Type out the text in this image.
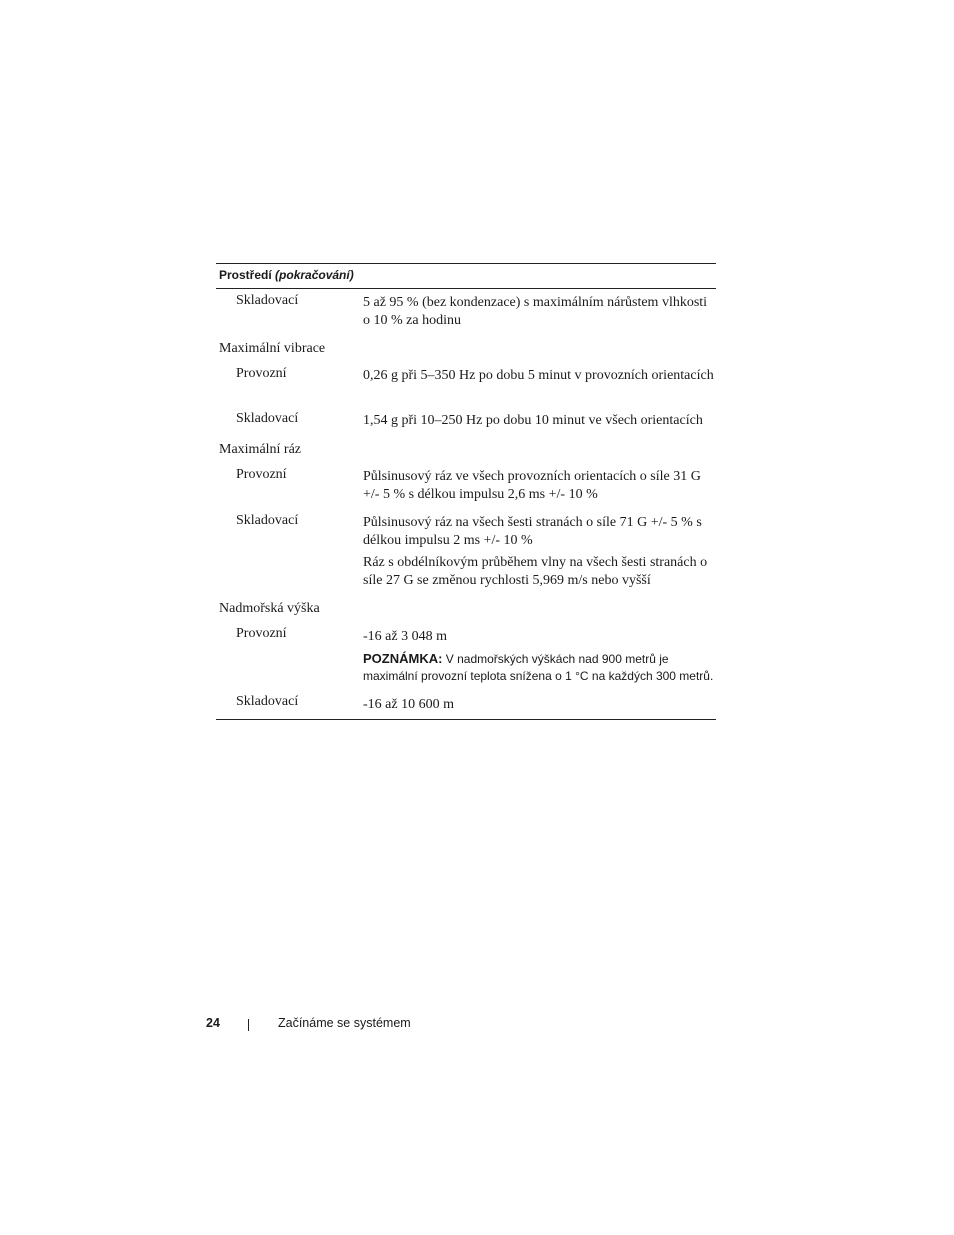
Prostředí (pokračování)
Skladovací	5 až 95 % (bez kondenzace) s maximálním nárůstem vlhkosti o 10 % za hodinu
Maximální vibrace
Provozní	0,26 g při 5–350 Hz po dobu 5 minut v provozních orientacích
Skladovací	1,54 g při 10–250 Hz po dobu 10 minut ve všech orientacích
Maximální ráz
Provozní	Půlsinusový ráz ve všech provozních orientacích o síle 31 G +/- 5 % s délkou impulsu 2,6 ms +/- 10 %
Skladovací	Půlsinusový ráz na všech šesti stranách o síle 71 G +/- 5 % s délkou impulsu 2 ms +/- 10 %
Ráz s obdélníkovým průběhem vlny na všech šesti stranách o síle 27 G se změnou rychlosti 5,969 m/s nebo vyšší
Nadmořská výška
Provozní	-16 až 3 048 m
POZNÁMKA: V nadmořských výškách nad 900 metrů je maximální provozní teplota snížena o 1 °C na každých 300 metrů.
Skladovací	-16 až 10 600 m
24	Začínáme se systémem
